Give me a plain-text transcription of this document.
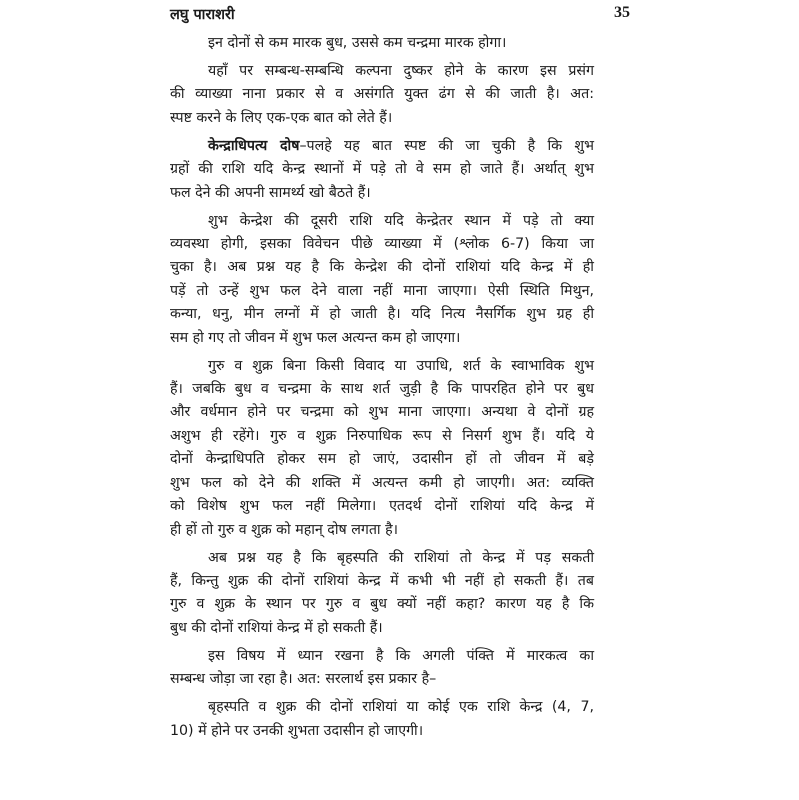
लघु पाराशरी	35

इन दोनों से कम मारक बुध, उससे कम चन्द्रमा मारक होगा।

यहाँ पर सम्बन्ध-सम्बन्धि कल्पना दुष्कर होने के कारण इस प्रसंग
की व्याख्या नाना प्रकार से व असंगति युक्त ढंग से की जाती है। अत:
स्पष्ट करने के लिए एक-एक बात को लेते हैं।

केन्द्राधिपत्य दोष–पलहे यह बात स्पष्ट की जा चुकी है कि शुभ
ग्रहों की राशि यदि केन्द्र स्थानों में पड़े तो वे सम हो जाते हैं। अर्थात् शुभ
फल देने की अपनी सामर्थ्य खो बैठते हैं।

शुभ केन्द्रेश की दूसरी राशि यदि केन्द्रेतर स्थान में पड़े तो क्या
व्यवस्था होगी, इसका विवेचन पीछे व्याख्या में (श्लोक 6-7) किया जा
चुका है। अब प्रश्न यह है कि केन्द्रेश की दोनों राशियां यदि केन्द्र में ही
पड़ें तो उन्हें शुभ फल देने वाला नहीं माना जाएगा। ऐसी स्थिति मिथुन,
कन्या, धनु, मीन लग्नों में हो जाती है। यदि नित्य नैसर्गिक शुभ ग्रह ही
सम हो गए तो जीवन में शुभ फल अत्यन्त कम हो जाएगा।

गुरु व शुक्र बिना किसी विवाद या उपाधि, शर्त के स्वाभाविक शुभ
हैं। जबकि बुध व चन्द्रमा के साथ शर्त जुड़ी है कि पापरहित होने पर बुध
और वर्धमान होने पर चन्द्रमा को शुभ माना जाएगा। अन्यथा वे दोनों ग्रह
अशुभ ही रहेंगे। गुरु व शुक्र निरुपाधिक रूप से निसर्ग शुभ हैं। यदि ये
दोनों केन्द्राधिपति होकर सम हो जाएं, उदासीन हों तो जीवन में बड़े
शुभ फल को देने की शक्ति में अत्यन्त कमी हो जाएगी। अत: व्यक्ति
को विशेष शुभ फल नहीं मिलेगा। एतदर्थ दोनों राशियां यदि केन्द्र में
ही हों तो गुरु व शुक्र को महान् दोष लगता है।

अब प्रश्न यह है कि बृहस्पति की राशियां तो केन्द्र में पड़ सकती
हैं, किन्तु शुक्र की दोनों राशियां केन्द्र में कभी भी नहीं हो सकती हैं। तब
गुरु व शुक्र के स्थान पर गुरु व बुध क्यों नहीं कहा? कारण यह है कि
बुध की दोनों राशियां केन्द्र में हो सकती हैं।

इस विषय में ध्यान रखना है कि अगली पंक्ति में मारकत्व का
सम्बन्ध जोड़ा जा रहा है। अत: सरलार्थ इस प्रकार है–

बृहस्पति व शुक्र की दोनों राशियां या कोई एक राशि केन्द्र (4, 7,
10) में होने पर उनकी शुभता उदासीन हो जाएगी।
